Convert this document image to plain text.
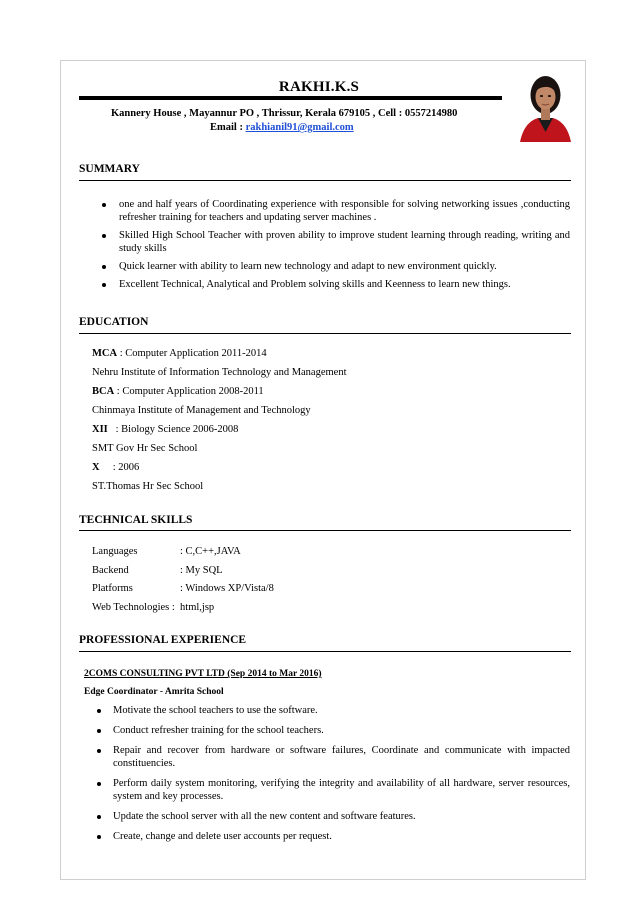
RAKHI.K.S
Kannery House , Mayannur PO , Thrissur, Kerala 679105 , Cell : 0557214980
Email : rakhianil91@gmail.com
SUMMARY
one and half years of Coordinating experience with responsible for solving networking issues ,conducting refresher training for teachers and updating server machines .
Skilled High School Teacher with proven ability to improve student learning through reading, writing and study skills
Quick learner with ability to learn new technology and adapt to new environment quickly.
Excellent Technical, Analytical and Problem solving skills and Keenness to learn new things.
EDUCATION
MCA : Computer Application 2011-2014
Nehru Institute of Information Technology and Management
BCA : Computer Application 2008-2011
Chinmaya Institute of Management and Technology
XII   : Biology Science 2006-2008
SMT Gov Hr Sec School
X     : 2006
ST.Thomas Hr Sec School
TECHNICAL SKILLS
Languages	: C,C++,JAVA
Backend	: My SQL
Platforms	: Windows XP/Vista/8
Web Technologies : html,jsp
PROFESSIONAL EXPERIENCE
2COMS CONSULTING PVT LTD (Sep 2014 to Mar 2016)
Edge Coordinator - Amrita School
Motivate the school teachers to use the software.
Conduct refresher training for the school teachers.
Repair and recover from hardware or software failures, Coordinate and communicate with impacted constituencies.
Perform daily system monitoring, verifying the integrity and availability of all hardware, server resources, system and key processes.
Update the school server with all the new content and software features.
Create, change and delete user accounts per request.
